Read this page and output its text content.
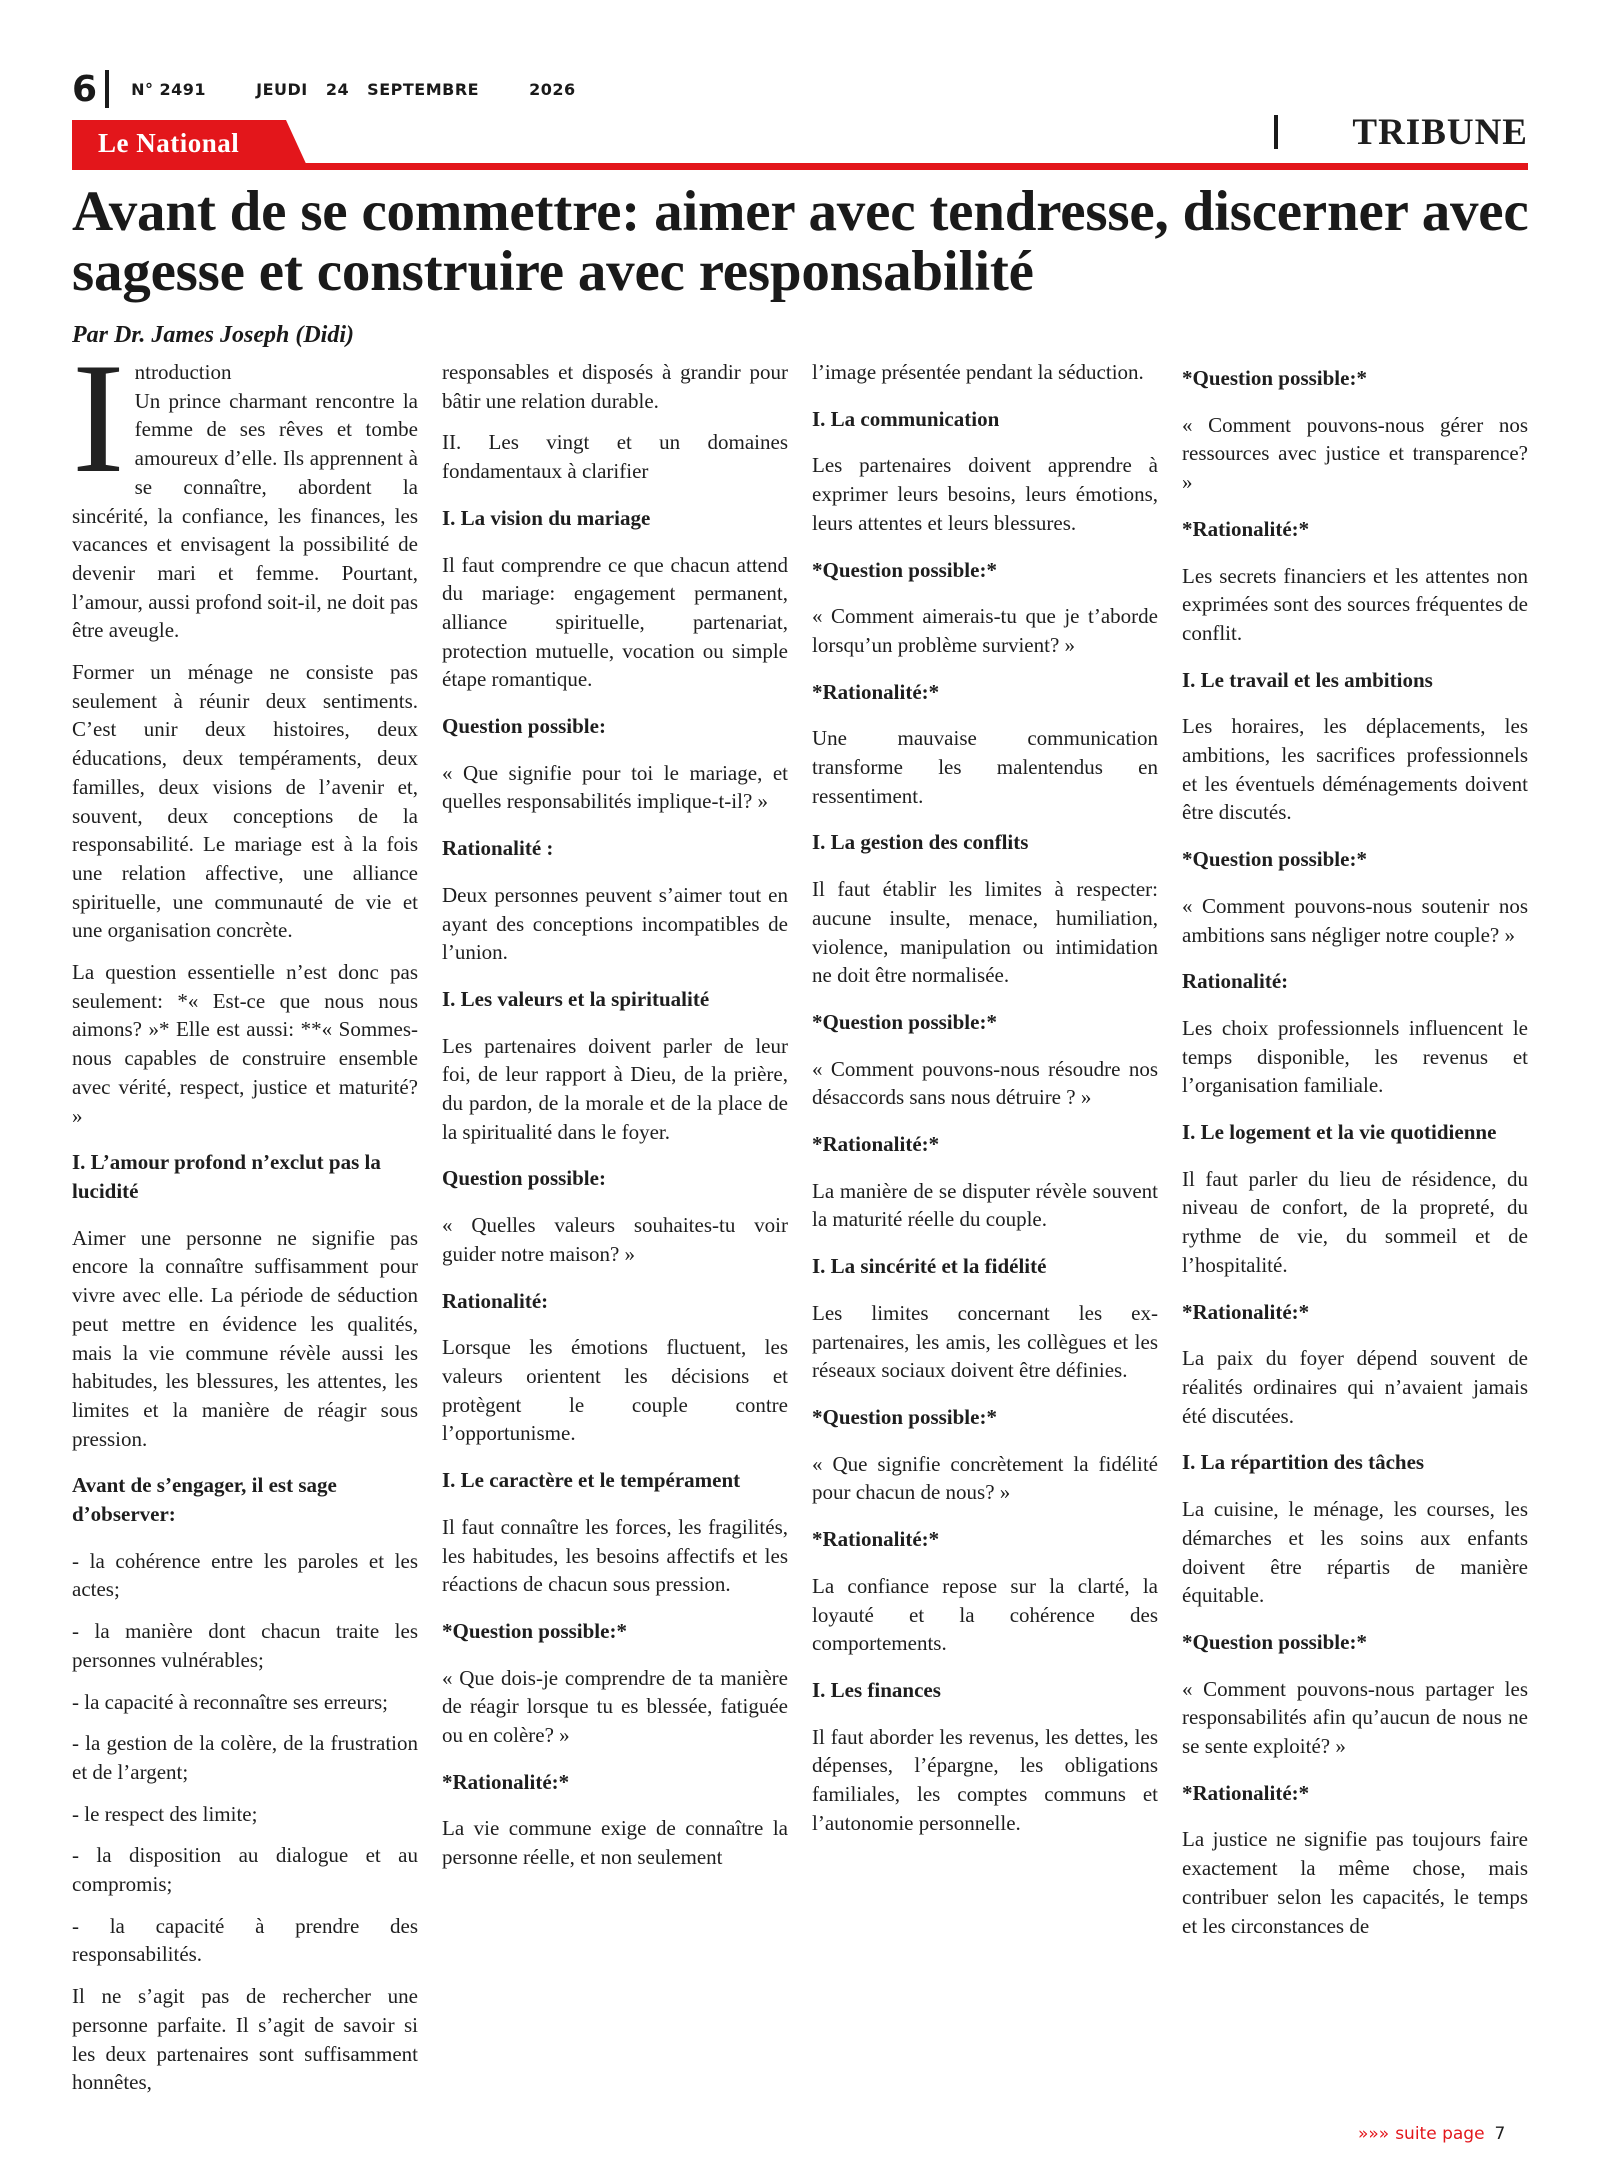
6 N° 2491	JEUDI 24 SEPTEMBRE	2026
Le National	TRIBUNE
Avant de se commettre: aimer avec tendresse, discerner avec sagesse et construire avec responsabilité
Par Dr. James Joseph (Didi)

Introduction
Un prince charmant rencontre la femme de ses rêves et tombe amoureux d’elle. Ils apprennent à se connaître, abordent la sincérité, la confiance, les finances, les vacances et envisagent la possibilité de devenir mari et femme. Pourtant, l’amour, aussi profond soit-il, ne doit pas être aveugle.

Former un ménage ne consiste pas seulement à réunir deux sentiments. C’est unir deux histoires, deux éducations, deux tempéraments, deux familles, deux visions de l’avenir et, souvent, deux conceptions de la responsabilité. Le mariage est à la fois une relation affective, une alliance spirituelle, une communauté de vie et une organisation concrète.

La question essentielle n’est donc pas seulement: *« Est-ce que nous nous aimons? »* Elle est aussi: **« Sommes-nous capables de construire ensemble avec vérité, respect, justice et maturité? »

I. L’amour profond n’exclut pas la lucidité

Aimer une personne ne signifie pas encore la connaître suffisamment pour vivre avec elle. La période de séduction peut mettre en évidence les qualités, mais la vie commune révèle aussi les habitudes, les blessures, les attentes, les limites et la manière de réagir sous pression.

Avant de s’engager, il est sage d’observer:

- la cohérence entre les paroles et les actes;

- la manière dont chacun traite les personnes vulnérables;

- la capacité à reconnaître ses erreurs;

- la gestion de la colère, de la frustration et de l’argent;

- le respect des limite;

- la disposition au dialogue et au compromis;

- la capacité à prendre des responsabilités.

Il ne s’agit pas de rechercher une personne parfaite. Il s’agit de savoir si les deux partenaires sont suffisamment honnêtes,

responsables et disposés à grandir pour bâtir une relation durable.

II. Les vingt et un domaines fondamentaux à clarifier

I. La vision du mariage

Il faut comprendre ce que chacun attend du mariage: engagement permanent, alliance spirituelle, partenariat, protection mutuelle, vocation ou simple étape romantique.

Question possible:

« Que signifie pour toi le mariage, et quelles responsabilités implique-t-il? »

Rationalité :

Deux personnes peuvent s’aimer tout en ayant des conceptions incompatibles de l’union.

I. Les valeurs et la spiritualité

Les partenaires doivent parler de leur foi, de leur rapport à Dieu, de la prière, du pardon, de la morale et de la place de la spiritualité dans le foyer.

Question possible:

« Quelles valeurs souhaites-tu voir guider notre maison? »

Rationalité:

Lorsque les émotions fluctuent, les valeurs orientent les décisions et protègent le couple contre l’opportunisme.

I. Le caractère et le tempérament

Il faut connaître les forces, les fragilités, les habitudes, les besoins affectifs et les réactions de chacun sous pression.

*Question possible:*

« Que dois-je comprendre de ta manière de réagir lorsque tu es blessée, fatiguée ou en colère? »

*Rationalité:*

La vie commune exige de connaître la personne réelle, et non seulement

l’image présentée pendant la séduction.

I. La communication

Les partenaires doivent apprendre à exprimer leurs besoins, leurs émotions, leurs attentes et leurs blessures.

*Question possible:*

« Comment aimerais-tu que je t’aborde lorsqu’un problème survient? »

*Rationalité:*

Une mauvaise communication transforme les malentendus en ressentiment.

I. La gestion des conflits

Il faut établir les limites à respecter: aucune insulte, menace, humiliation, violence, manipulation ou intimidation ne doit être normalisée.

*Question possible:*

« Comment pouvons-nous résoudre nos désaccords sans nous détruire ? »

*Rationalité:*

La manière de se disputer révèle souvent la maturité réelle du couple.

I. La sincérité et la fidélité

Les limites concernant les ex-partenaires, les amis, les collègues et les réseaux sociaux doivent être définies.

*Question possible:*

« Que signifie concrètement la fidélité pour chacun de nous? »

*Rationalité:*

La confiance repose sur la clarté, la loyauté et la cohérence des comportements.

I. Les finances

Il faut aborder les revenus, les dettes, les dépenses, l’épargne, les obligations familiales, les comptes communs et l’autonomie personnelle.

*Question possible:*

« Comment pouvons-nous gérer nos ressources avec justice et transparence? »

*Rationalité:*

Les secrets financiers et les attentes non exprimées sont des sources fréquentes de conflit.

I. Le travail et les ambitions

Les horaires, les déplacements, les ambitions, les sacrifices professionnels et les éventuels déménagements doivent être discutés.

*Question possible:*

« Comment pouvons-nous soutenir nos ambitions sans négliger notre couple? »

Rationalité:

Les choix professionnels influencent le temps disponible, les revenus et l’organisation familiale.

I. Le logement et la vie quotidienne

Il faut parler du lieu de résidence, du niveau de confort, de la propreté, du rythme de vie, du sommeil et de l’hospitalité.

*Rationalité:*

La paix du foyer dépend souvent de réalités ordinaires qui n’avaient jamais été discutées.

I. La répartition des tâches

La cuisine, le ménage, les courses, les démarches et les soins aux enfants doivent être répartis de manière équitable.

*Question possible:*

« Comment pouvons-nous partager les responsabilités afin qu’aucun de nous ne se sente exploité? »

*Rationalité:*

La justice ne signifie pas toujours faire exactement la même chose, mais contribuer selon les capacités, le temps et les circonstances de

»»» suite page 7
